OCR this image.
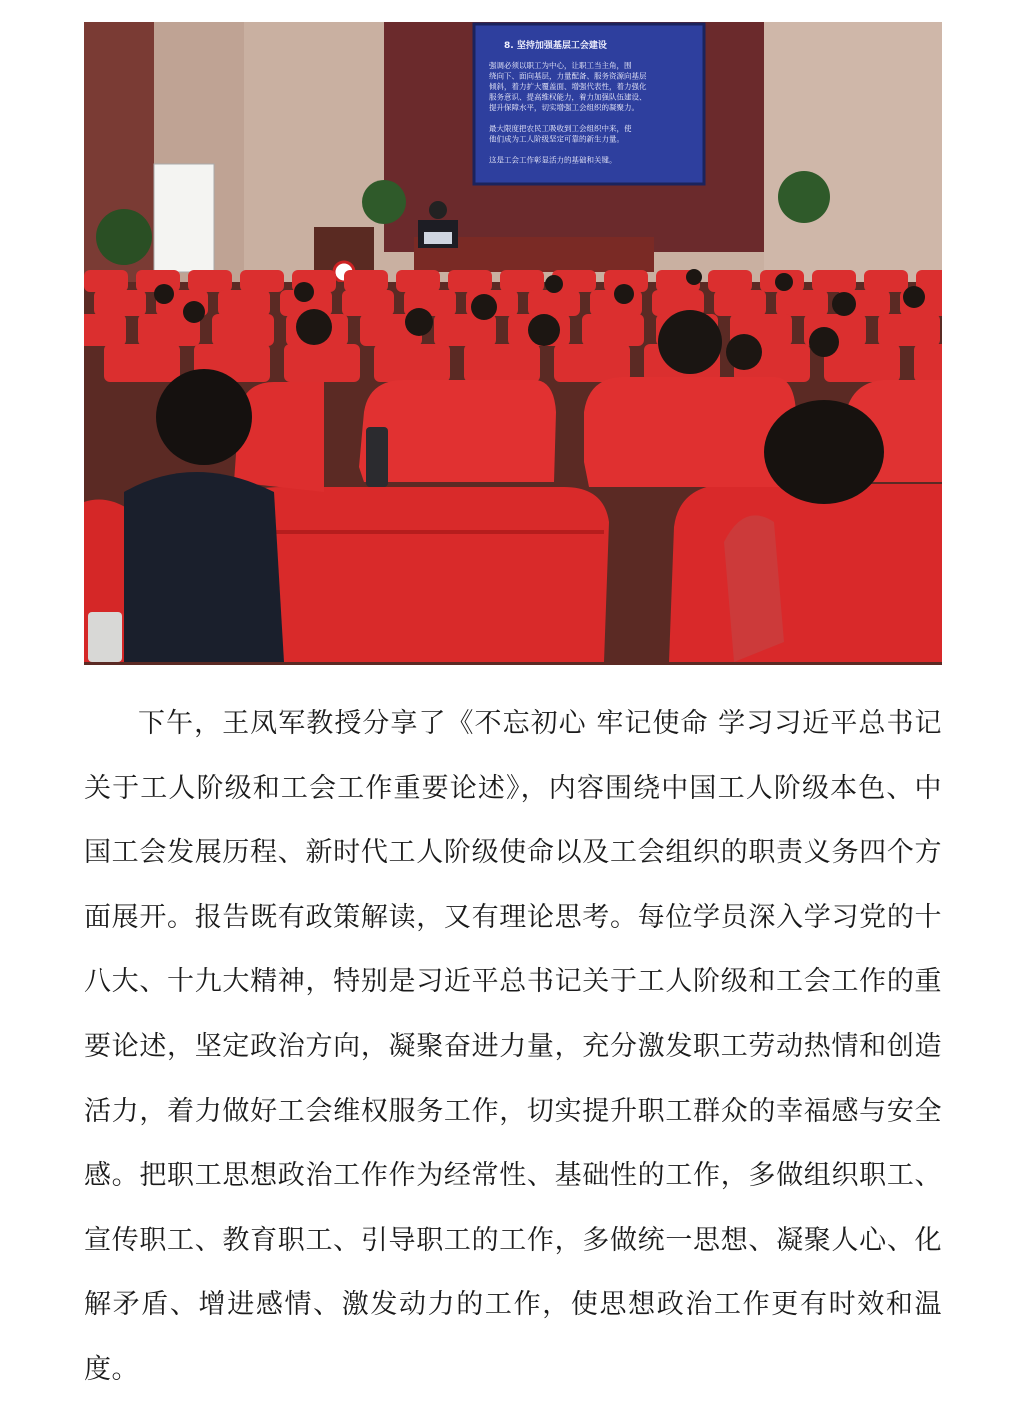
8. 坚持加强基层工会建设
强调必须以职工为中心，让职工当主角，围
绕向下、面向基层，力量配备、服务资源向基层
倾斜，着力扩大覆盖面、增强代表性，着力强化
服务意识、提高维权能力，着力加强队伍建设、
提升保障水平，切实增强工会组织的凝聚力。
最大限度把农民工吸收到工会组织中来，使
他们成为工人阶级坚定可靠的新生力量。
这是工会工作彰显活力的基础和关键。

下午，王凤军教授分享了《不忘初心 牢记使命 学习习近平总书记关于工人阶级和工会工作重要论述》，内容围绕中国工人阶级本色、中国工会发展历程、新时代工人阶级使命以及工会组织的职责义务四个方面展开。报告既有政策解读，又有理论思考。每位学员深入学习党的十八大、十九大精神，特别是习近平总书记关于工人阶级和工会工作的重要论述，坚定政治方向，凝聚奋进力量，充分激发职工劳动热情和创造活力，着力做好工会维权服务工作，切实提升职工群众的幸福感与安全感。把职工思想政治工作作为经常性、基础性的工作，多做组织职工、宣传职工、教育职工、引导职工的工作，多做统一思想、凝聚人心、化解矛盾、增进感情、激发动力的工作，使思想政治工作更有时效和温度。
